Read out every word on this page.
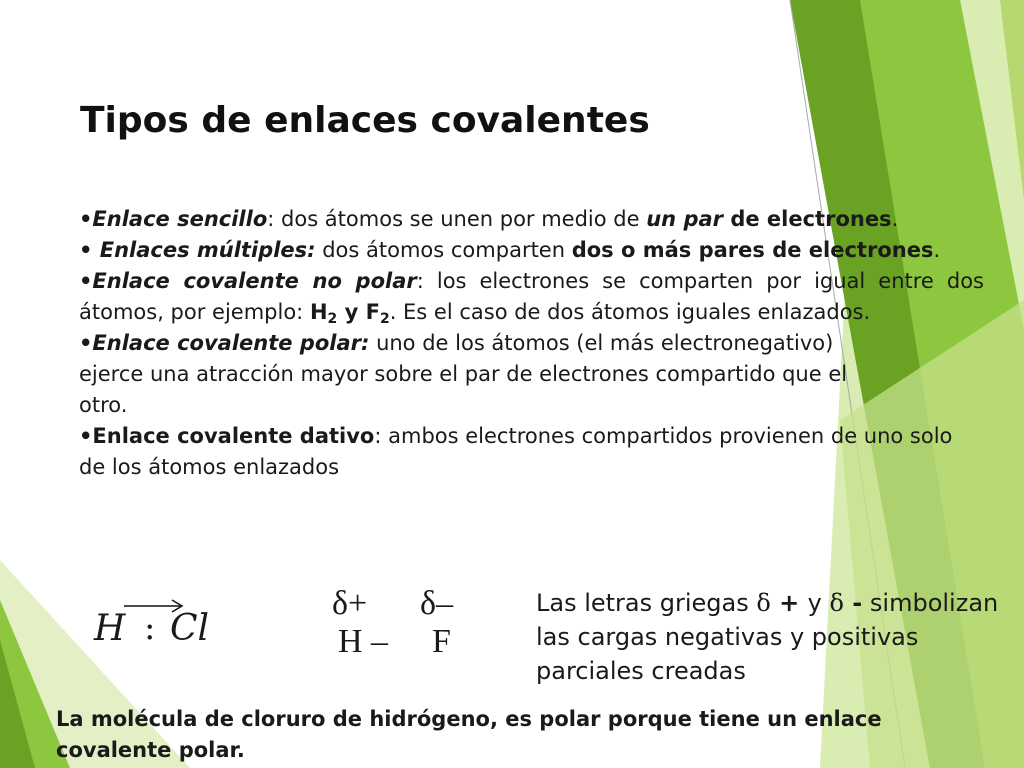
Tipos de enlaces covalentes

•Enlace sencillo: dos átomos se unen por medio de un par de electrones.

• Enlaces múltiples: dos átomos comparten dos o más pares de electrones.

•Enlace covalente no polar: los electrones se comparten por igual entre dos átomos, por ejemplo: $H_2$ y $F_2$. Es el caso de dos átomos iguales enlazados.

•Enlace covalente polar: uno de los átomos (el más electronegativo) ejerce una atracción mayor sobre el par de electrones compartido que el otro.

•Enlace covalente dativo: ambos electrones compartidos provienen de uno solo de los átomos enlazados

H : Cl
δ+ δ–
H – F
Las letras griegas δ + y δ - simbolizan las cargas negativas y positivas parciales creadas
La molécula de cloruro de hidrógeno, es polar porque tiene un enlace covalente polar.
